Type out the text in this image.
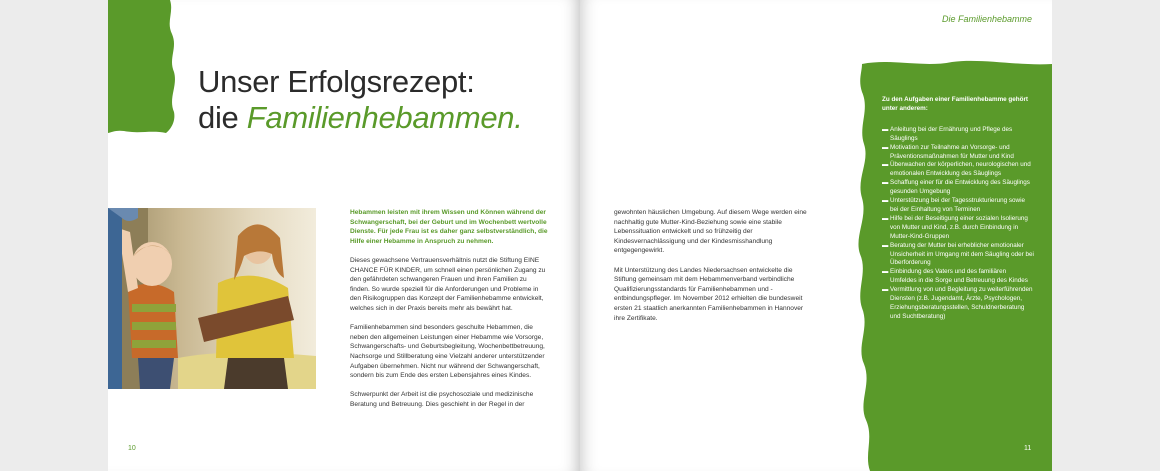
Unser Erfolgsrezept:
die Familienhebammen.

Hebammen leisten mit ihrem Wissen und Können während der Schwangerschaft, bei der Geburt und im Wochenbett wertvolle Dienste. Für jede Frau ist es daher ganz selbstverständlich, die Hilfe einer Hebamme in Anspruch zu nehmen.

Dieses gewachsene Vertrauensverhältnis nutzt die Stiftung EINE CHANCE FÜR KINDER, um schnell einen persönlichen Zugang zu den gefährdeten schwangeren Frauen und ihren Familien zu finden. So wurde speziell für die Anforderungen und Probleme in den Risikogruppen das Konzept der Familienhebamme entwickelt, welches sich in der Praxis bereits mehr als bewährt hat.

Familienhebammen sind besonders geschulte Hebammen, die neben den allgemeinen Leistungen einer Hebamme wie Vorsorge, Schwangerschafts- und Geburtsbegleitung, Wochenbettbetreuung, Nachsorge und Stillberatung eine Vielzahl anderer unterstützender Aufgaben übernehmen. Nicht nur während der Schwangerschaft, sondern bis zum Ende des ersten Lebensjahres eines Kindes.

Schwerpunkt der Arbeit ist die psychosoziale und medizinische Beratung und Betreuung. Dies geschieht in der Regel in der

10
Die Familienhebamme

gewohnten häuslichen Umgebung. Auf diesem Wege werden eine nachhaltig gute Mutter-Kind-Beziehung sowie eine stabile Lebenssituation entwickelt und so frühzeitig der Kindesvernachlässigung und der Kindesmisshandlung entgegengewirkt.

Mit Unterstützung des Landes Niedersachsen entwickelte die Stiftung gemeinsam mit dem Hebammenverband verbindliche Qualifizierungsstandards für Familienhebammen und -entbindungspfleger. Im November 2012 erhielten die bundesweit ersten 21 staatlich anerkannten Familienhebammen in Hannover ihre Zertifikate.

Zu den Aufgaben einer Familienhebamme gehört unter anderem:
▬ Anleitung bei der Ernährung und Pflege des Säuglings
▬ Motivation zur Teilnahme an Vorsorge- und Präventionsmaßnahmen für Mutter und Kind
▬ Überwachen der körperlichen, neurologischen und emotionalen Entwicklung des Säuglings
▬ Schaffung einer für die Entwicklung des Säuglings gesunden Umgebung
▬ Unterstützung bei der Tagesstrukturierung sowie bei der Einhaltung von Terminen
▬ Hilfe bei der Beseitigung einer sozialen Isolierung von Mutter und Kind, z.B. durch Einbindung in Mutter-Kind-Gruppen
▬ Beratung der Mutter bei erheblicher emotionaler Unsicherheit im Umgang mit dem Säugling oder bei Überforderung
▬ Einbindung des Vaters und des familiären Umfeldes in die Sorge und Betreuung des Kindes
▬ Vermittlung von und Begleitung zu weiterführenden Diensten (z.B. Jugendamt, Ärzte, Psychologen, Erziehungsberatungsstellen, Schuldnerberatung und Suchtberatung)
11
